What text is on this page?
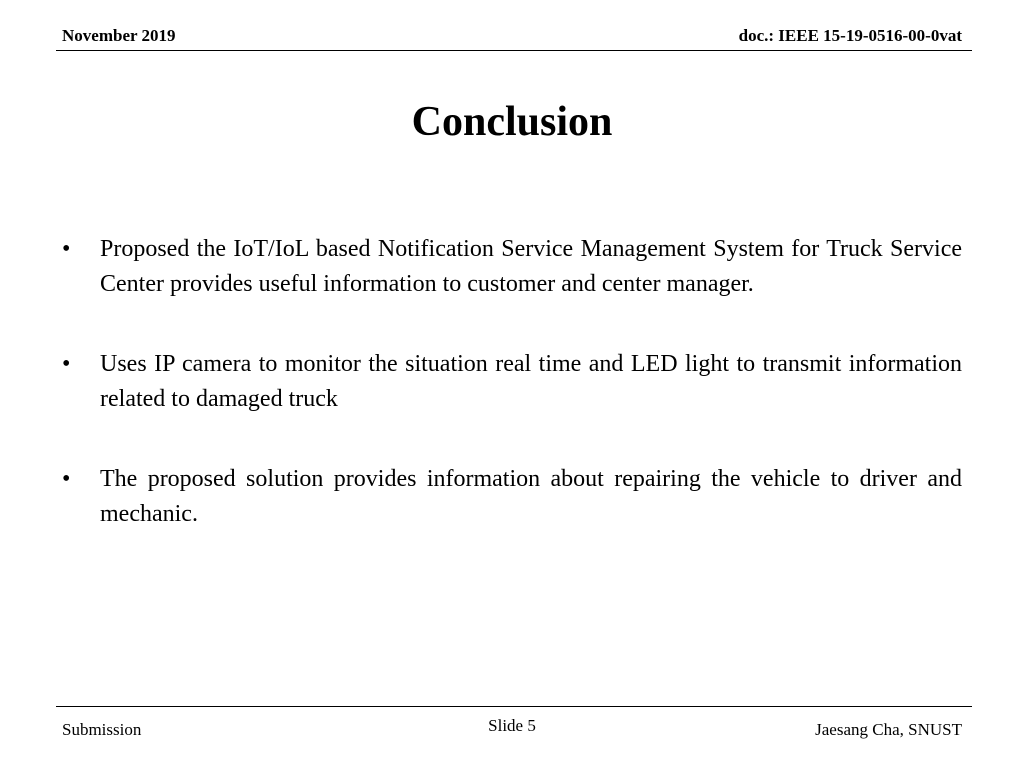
November 2019	doc.: IEEE 15-19-0516-00-0vat
Conclusion
•	Proposed the IoT/IoL based Notification Service Management System for Truck Service Center provides useful information to customer and center manager.
•	Uses IP camera to monitor the situation real time and LED light to transmit information related to damaged truck
•	The proposed solution provides information about repairing the vehicle to driver and mechanic.
Submission	Slide 5	Jaesang Cha, SNUST
